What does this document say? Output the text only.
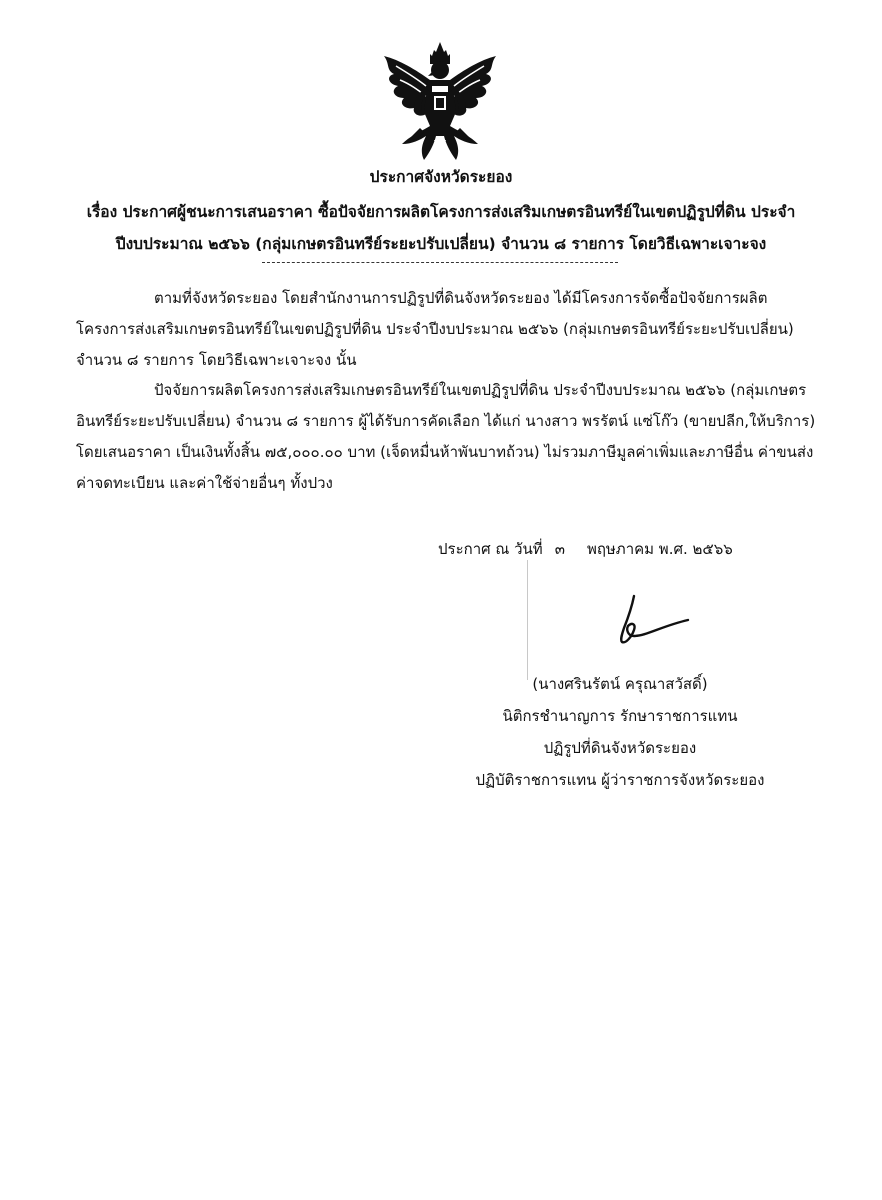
ประกาศจังหวัดระยอง
เรื่อง ประกาศผู้ชนะการเสนอราคา ซื้อปัจจัยการผลิตโครงการส่งเสริมเกษตรอินทรีย์ในเขตปฏิรูปที่ดิน ประจำ
ปีงบประมาณ ๒๕๖๖ (กลุ่มเกษตรอินทรีย์ระยะปรับเปลี่ยน) จำนวน ๘ รายการ โดยวิธีเฉพาะเจาะจง
ตามที่จังหวัดระยอง โดยสำนักงานการปฏิรูปที่ดินจังหวัดระยอง ได้มีโครงการจัดซื้อปัจจัยการผลิตโครงการส่งเสริมเกษตรอินทรีย์ในเขตปฏิรูปที่ดิน ประจำปีงบประมาณ ๒๕๖๖ (กลุ่มเกษตรอินทรีย์ระยะปรับเปลี่ยน) จำนวน ๘ รายการ โดยวิธีเฉพาะเจาะจง นั้น
ปัจจัยการผลิตโครงการส่งเสริมเกษตรอินทรีย์ในเขตปฏิรูปที่ดิน ประจำปีงบประมาณ ๒๕๖๖ (กลุ่มเกษตรอินทรีย์ระยะปรับเปลี่ยน) จำนวน ๘ รายการ ผู้ได้รับการคัดเลือก ได้แก่ นางสาว พรรัตน์ แซ่โก๊ว (ขายปลีก,ให้บริการ) โดยเสนอราคา เป็นเงินทั้งสิ้น ๗๕,๐๐๐.๐๐ บาท (เจ็ดหมื่นห้าพันบาทถ้วน) ไม่รวมภาษีมูลค่าเพิ่มและภาษีอื่น ค่าขนส่ง ค่าจดทะเบียน และค่าใช้จ่ายอื่นๆ ทั้งปวง
ประกาศ ณ วันที่ ๓ พฤษภาคม พ.ศ. ๒๕๖๖
(นางศรินรัตน์ ครุณาสวัสดิ์)
นิติกรชำนาญการ รักษาราชการแทน
ปฏิรูปที่ดินจังหวัดระยอง
ปฏิบัติราชการแทน ผู้ว่าราชการจังหวัดระยอง
